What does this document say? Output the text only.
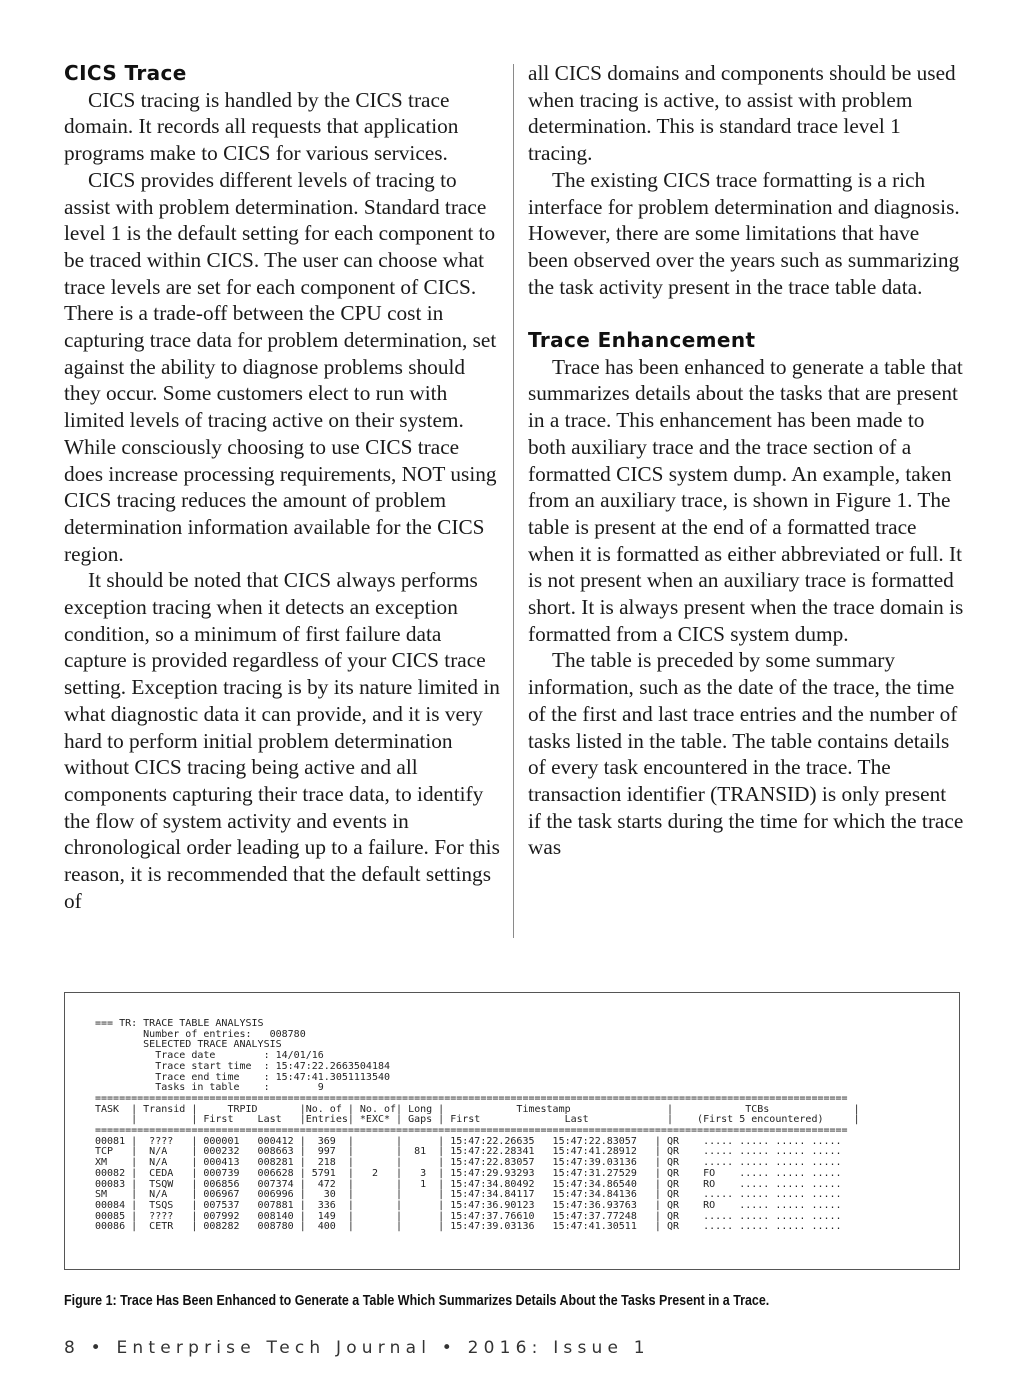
CICS Trace

CICS tracing is handled by the CICS trace domain. It records all requests that application programs make to CICS for various services.

CICS provides different levels of tracing to assist with problem determination. Standard trace level 1 is the default setting for each component to be traced within CICS. The user can choose what trace levels are set for each component of CICS. There is a trade-off between the CPU cost in capturing trace data for problem determination, set against the ability to diagnose problems should they occur. Some customers elect to run with limited levels of tracing active on their system. While consciously choosing to use CICS trace does increase processing requirements, NOT using CICS tracing reduces the amount of problem determination information available for the CICS region.

It should be noted that CICS always performs exception tracing when it detects an exception condition, so a minimum of first failure data capture is provided regardless of your CICS trace setting. Exception tracing is by its nature limited in what diagnostic data it can provide, and it is very hard to perform initial problem determination without CICS tracing being active and all components capturing their trace data, to identify the flow of system activity and events in chronological order leading up to a failure. For this reason, it is recommended that the default settings of

all CICS domains and components should be used when tracing is active, to assist with problem determination. This is standard trace level 1 tracing.

The existing CICS trace formatting is a rich interface for problem determination and diagnosis. However, there are some limitations that have been observed over the years such as summarizing the task activity present in the trace table data.

Trace Enhancement

Trace has been enhanced to generate a table that summarizes details about the tasks that are present in a trace. This enhancement has been made to both auxiliary trace and the trace section of a formatted CICS system dump. An example, taken from an auxiliary trace, is shown in Figure 1. The table is present at the end of a formatted trace when it is formatted as either abbreviated or full. It is not present when an auxiliary trace is formatted short. It is always present when the trace domain is formatted from a CICS system dump.

The table is preceded by some summary information, such as the date of the trace, the time of the first and last trace entries and the number of tasks listed in the table. The table contains details of every task encountered in the trace. The transaction identifier (TRANSID) is only present if the task starts during the time for which the trace was

=== TR: TRACE TABLE ANALYSIS
Number of entries:   008780
SELECTED TRACE ANALYSIS
Trace date        : 14/01/16
Trace start time  : 15:47:22.2663504184
Trace end time    : 15:47:41.3051113540
Tasks in table    :        9
=============================================================================================================================
TASK  | Transid |     TRPID       |No. of | No. of| Long |            Timestamp                |            TCBs              |
|         | First    Last   |Entries| *EXC* | Gaps | First              Last             |    (First 5 encountered)     |
=============================================================================================================================
00081 |  ????   | 000001   000412 |  369  |       |      | 15:47:22.26635   15:47:22.83057   | QR    ..... ..... ..... .....
TCP   |  N/A    | 000232   008663 |  997  |       |  81  | 15:47:22.28341   15:47:41.28912   | QR    ..... ..... ..... .....
XM    |  N/A    | 000413   008281 |  218  |       |      | 15:47:22.83057   15:47:39.03136   | QR    ..... ..... ..... .....
00082 |  CEDA   | 000739   006628 | 5791  |   2   |   3  | 15:47:29.93293   15:47:31.27529   | QR    FO    ..... ..... .....
00083 |  TSQW   | 006856   007374 |  472  |       |   1  | 15:47:34.80492   15:47:34.86540   | QR    RO    ..... ..... .....
SM    |  N/A    | 006967   006996 |   30  |       |      | 15:47:34.84117   15:47:34.84136   | QR    ..... ..... ..... .....
00084 |  TSQS   | 007537   007881 |  336  |       |      | 15:47:36.90123   15:47:36.93763   | QR    RO    ..... ..... .....
00085 |  ????   | 007992   008140 |  149  |       |      | 15:47:37.76610   15:47:37.77248   | QR    ..... ..... ..... .....
00086 |  CETR   | 008282   008780 |  400  |       |      | 15:47:39.03136   15:47:41.30511   | QR    ..... ..... ..... .....
Figure 1: Trace Has Been Enhanced to Generate a Table Which Summarizes Details About the Tasks Present in a Trace.
8 • Enterprise Tech Journal • 2016: Issue 1
